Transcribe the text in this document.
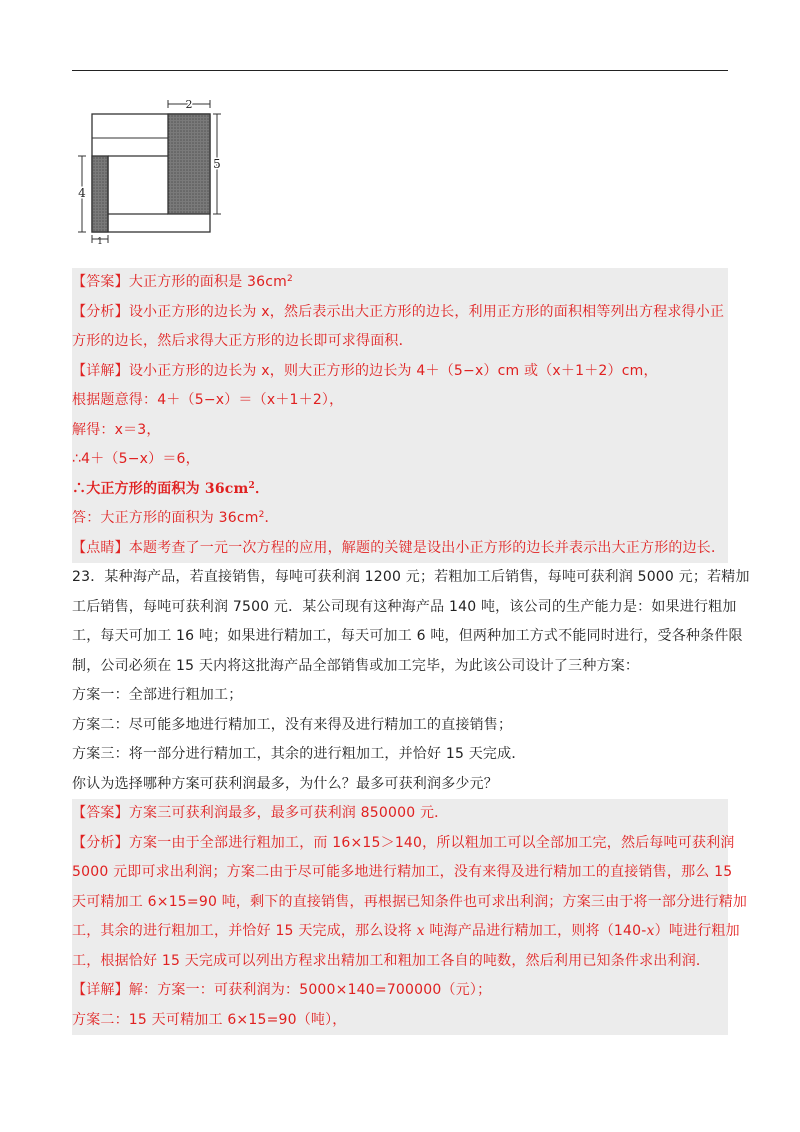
2
5
4
1
【答案】大正方形的面积是 $36cm^2$
【分析】设小正方形的边长为 x，然后表示出大正方形的边长，利用正方形的面积相等列出方程求得小正
方形的边长，然后求得大正方形的边长即可求得面积．
【详解】设小正方形的边长为 x，则大正方形的边长为 4＋（5−x）cm 或（x＋1＋2）cm，
根据题意得：4＋（5−x）＝（x＋1＋2），
解得：x＝3，
∴4＋（5−x）＝6，
∴大正方形的面积为 $36cm^2$．
答：大正方形的面积为 $36cm^2$．
【点睛】本题考查了一元一次方程的应用，解题的关键是设出小正方形的边长并表示出大正方形的边长．
23．某种海产品，若直接销售，每吨可获利润 1200 元；若粗加工后销售，每吨可获利润 5000 元；若精加
工后销售，每吨可获利润 7500 元．某公司现有这种海产品 140 吨，该公司的生产能力是：如果进行粗加
工，每天可加工 16 吨；如果进行精加工，每天可加工 6 吨，但两种加工方式不能同时进行，受各种条件限
制，公司必须在 15 天内将这批海产品全部销售或加工完毕，为此该公司设计了三种方案：
方案一：全部进行粗加工；
方案二：尽可能多地进行精加工，没有来得及进行精加工的直接销售；
方案三：将一部分进行精加工，其余的进行粗加工，并恰好 15 天完成．
你认为选择哪种方案可获利润最多，为什么？最多可获利润多少元？
【答案】方案三可获利润最多，最多可获利润 850000 元．
【分析】方案一由于全部进行粗加工，而 16×15＞140，所以粗加工可以全部加工完，然后每吨可获利润
5000 元即可求出利润；方案二由于尽可能多地进行精加工，没有来得及进行精加工的直接销售，那么 15
天可精加工 6×15=90 吨，剩下的直接销售，再根据已知条件也可求出利润；方案三由于将一部分进行精加
工，其余的进行粗加工，并恰好 15 天完成，那么设将 x 吨海产品进行精加工，则将（140-x）吨进行粗加
工，根据恰好 15 天完成可以列出方程求出精加工和粗加工各自的吨数，然后利用已知条件求出利润．
【详解】解：方案一：可获利润为：5000×140=700000（元）；
方案二：15 天可精加工 6×15=90（吨），
